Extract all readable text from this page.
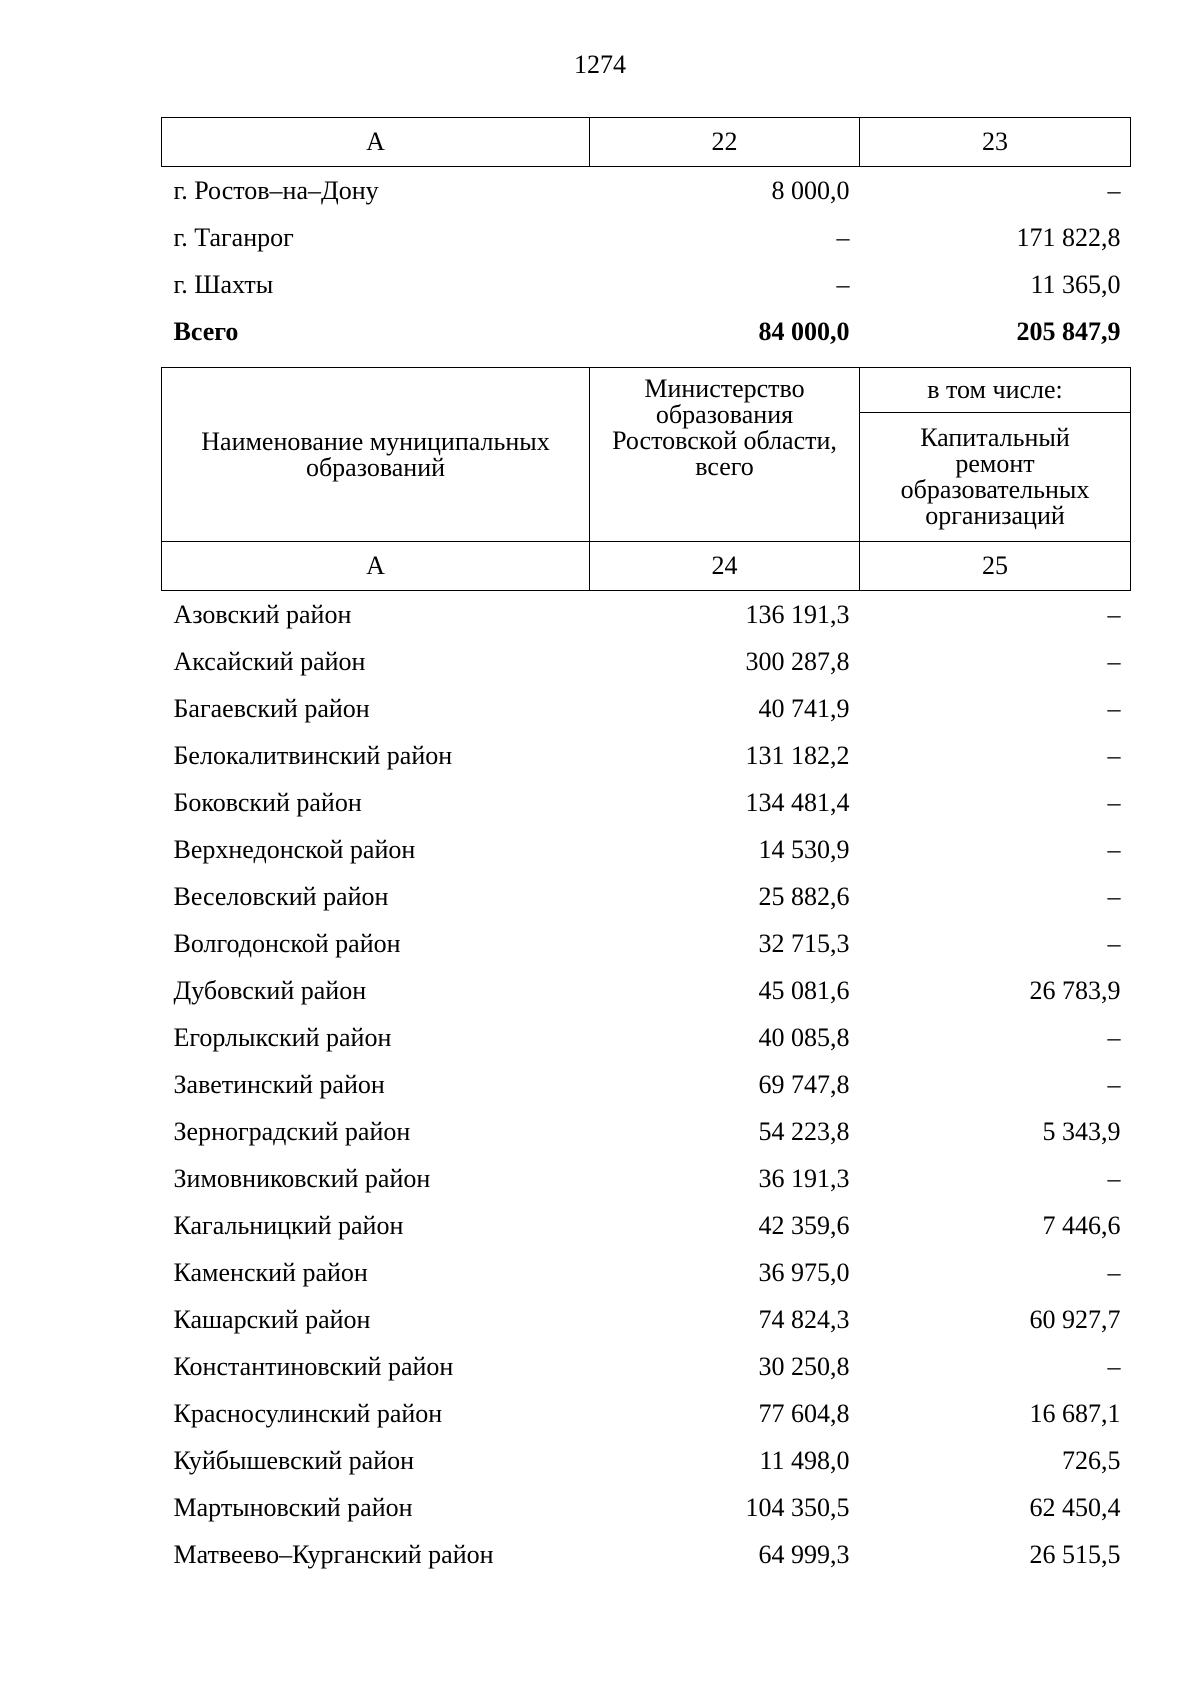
1274
А	22	23
г. Ростов–на–Дону	8 000,0	–
г. Таганрог	–	171 822,8
г. Шахты	–	11 365,0
Всего	84 000,0	205 847,9
Наименование муниципальных образований	Министерство образования Ростовской области, всего	в том числе:
		Капитальный ремонт образовательных организаций
А	24	25
Азовский район	136 191,3	–
Аксайский район	300 287,8	–
Багаевский район	40 741,9	–
Белокалитвинский район	131 182,2	–
Боковский район	134 481,4	–
Верхнедонской район	14 530,9	–
Веселовский район	25 882,6	–
Волгодонской район	32 715,3	–
Дубовский район	45 081,6	26 783,9
Егорлыкский район	40 085,8	–
Заветинский район	69 747,8	–
Зерноградский район	54 223,8	5 343,9
Зимовниковский район	36 191,3	–
Кагальницкий район	42 359,6	7 446,6
Каменский район	36 975,0	–
Кашарский район	74 824,3	60 927,7
Константиновский район	30 250,8	–
Красносулинский район	77 604,8	16 687,1
Куйбышевский район	11 498,0	726,5
Мартыновский район	104 350,5	62 450,4
Матвеево–Курганский район	64 999,3	26 515,5
